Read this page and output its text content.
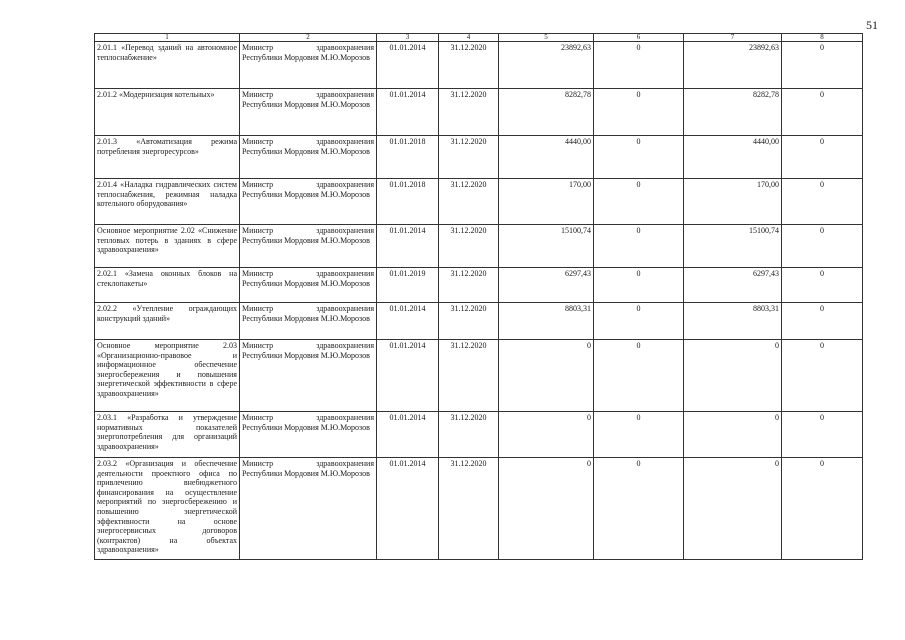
51
1	2	3	4	5	6	7	8
2.01.1 «Перевод зданий на автономное теплоснабжение»	Министр здравоохранения Республики Мордовия М.Ю.Морозов	01.01.2014	31.12.2020	23892,63	0	23892,63	0
2.01.2 «Модернизация котельных»	Министр здравоохранения Республики Мордовия М.Ю.Морозов	01.01.2014	31.12.2020	8282,78	0	8282,78	0
2.01.3 «Автоматизация режима потребления энергоресурсов»	Министр здравоохранения Республики Мордовия М.Ю.Морозов	01.01.2018	31.12.2020	4440,00	0	4440,00	0
2.01.4 «Наладка гидравлических систем теплоснабжения, режимная наладка котельного оборудования»	Министр здравоохранения Республики Мордовия М.Ю.Морозов	01.01.2018	31.12.2020	170,00	0	170,00	0
Основное мероприятие 2.02 «Снижение тепловых потерь в зданиях в сфере здравоохранения»	Министр здравоохранения Республики Мордовия М.Ю.Морозов	01.01.2014	31.12.2020	15100,74	0	15100,74	0
2.02.1 «Замена оконных блоков на стеклопакеты»	Министр здравоохранения Республики Мордовия М.Ю.Морозов	01.01.2019	31.12.2020	6297,43	0	6297,43	0
2.02.2 «Утепление ограждающих конструкций зданий»	Министр здравоохранения Республики Мордовия М.Ю.Морозов	01.01.2014	31.12.2020	8803,31	0	8803,31	0
Основное мероприятие 2.03 «Организационно-правовое и информационное обеспечение энергосбережения и повышения энергетической эффективности в сфере здравоохранения»	Министр здравоохранения Республики Мордовия М.Ю.Морозов	01.01.2014	31.12.2020	0	0	0	0
2.03.1 «Разработка и утверждение нормативных показателей энергопотребления для организаций здравоохранения»	Министр здравоохранения Республики Мордовия М.Ю.Морозов	01.01.2014	31.12.2020	0	0	0	0
2.03.2 «Организация и обеспечение деятельности проектного офиса по привлечению внебюджетного финансирования на осуществление мероприятий по энергосбережению и повышению энергетической эффективности на основе энергосервисных договоров (контрактов) на объектах здравоохранения»	Министр здравоохранения Республики Мордовия М.Ю.Морозов	01.01.2014	31.12.2020	0	0	0	0
